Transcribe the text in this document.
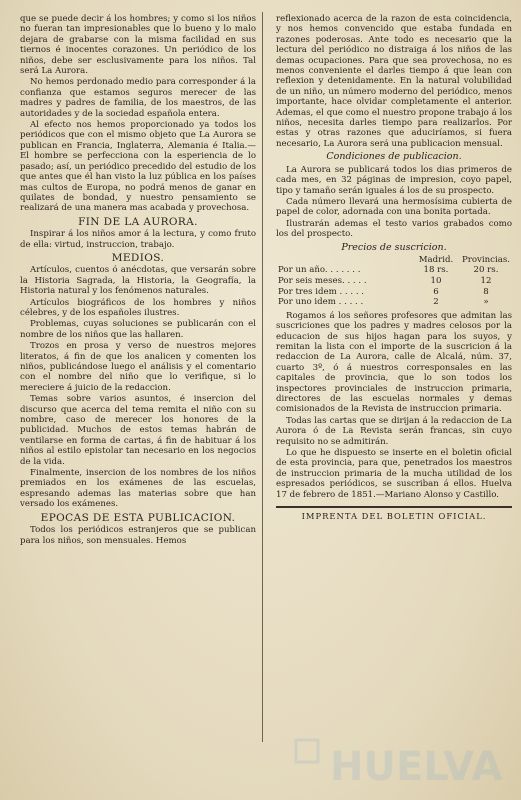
que se puede decir á los hombres; y como si los niños no fueran tan impresionables que lo bueno y lo malo dejara de grabarse con la misma facilidad en sus tiernos é inocentes corazones. Un periódico de los niños, debe ser esclusivamente para los niños. Tal será La Aurora.

No hemos perdonado medio para corresponder á la confianza que estamos seguros merecer de las madres y padres de familia, de los maestros, de las autoridades y de la sociedad española entera.

Al efecto nos hemos proporcionado ya todos los periódicos que con el mismo objeto que La Aurora se publican en Francia, Inglaterra, Alemania é Italia.—El hombre se perfecciona con la esperiencia de lo pasado; así, un periódico precedido del estudio de los que antes que él han visto la luz pública en los países mas cultos de Europa, no podrá menos de ganar en quilates de bondad, y nuestro pensamiento se realizará de una manera mas acabada y provechosa.

FIN DE LA AURORA.

Inspirar á los niños amor á la lectura, y como fruto de ella: virtud, instruccion, trabajo.

MEDIOS.

Artículos, cuentos ó anécdotas, que versarán sobre la Historia Sagrada, la Historia, la Geografía, la Historia natural y los fenómenos naturales.

Artículos biográficos de los hombres y niños célebres, y de los españoles ilustres.

Problemas, cuyas soluciones se publicarán con el nombre de los niños que las hallaren.

Trozos en prosa y verso de nuestros mejores literatos, á fin de que los analicen y comenten los niños, publicándose luego el análisis y el comentario con el nombre del niño que lo verifique, si lo mereciere á juicio de la redaccion.

Temas sobre varios asuntos, é insercion del discurso que acerca del tema remita el niño con su nombre, caso de merecer los honores de la publicidad. Muchos de estos temas habrán de ventilarse en forma de cartas, á fin de habituar á los niños al estilo epistolar tan necesario en los negocios de la vida.

Finalmente, insercion de los nombres de los niños premiados en los exámenes de las escuelas, espresando ademas las materias sobre que han versado los exámenes.

EPOCAS DE ESTA PUBLICACION.

Todos los periódicos estranjeros que se publican para los niños, son mensuales. Hemos

reflexionado acerca de la razon de esta coincidencia, y nos hemos convencido que estaba fundada en razones poderosas. Ante todo es necesario que la lectura del periódico no distraiga á los niños de las demas ocupaciones. Para que sea provechosa, no es menos conveniente el darles tiempo á que lean con reflexion y detenidamente. En la natural volubilidad de un niño, un número moderno del periódico, menos importante, hace olvidar completamente el anterior. Ademas, el que como el nuestro propone trabajo á los niños, necesita darles tiempo para realizarlos. Por estas y otras razones que aduciríamos, si fuera necesario, La Aurora será una publicacion mensual.

Condiciones de publicacion.

La Aurora se publicará todos los dias primeros de cada mes, en 32 páginas de impresion, coyo papel, tipo y tamaño serán iguales á los de su prospecto.

Cada número llevará una hermosísima cubierta de papel de color, adornada con una bonita portada.

Ilustrarán ademas el testo varios grabados como los del prospecto.

Precios de suscricion.
	Madrid.	Provincias.
Por un año. . . . . . .	18 rs.	20 rs.
Por seis meses. . . . .	10	12
Por tres idem . . . . .	6	8
Por uno idem . . . . .	2	»

Rogamos á los señores profesores que admitan las suscriciones que los padres y madres celosos por la educacion de sus hijos hagan para los suyos, y remitan la lista con el importe de la suscricion á la redaccion de La Aurora, calle de Alcalá, núm. 37, cuarto 3º, ó á nuestros corresponsales en las capitales de provincia, que lo son todos los inspectores provinciales de instruccion primaria, directores de las escuelas normales y demas comisionados de la Revista de instruccion primaria.

Todas las cartas que se dirijan á la redaccion de La Aurora ó de La Revista serán francas, sin cuyo requisito no se admitirán.

Lo que he dispuesto se inserte en el boletin oficial de esta provincia, para que, penetrados los maestros de instruccion primaria de la mucha utilidad de los espresados periódicos, se suscriban á ellos. Huelva 17 de febrero de 1851.—Mariano Alonso y Castillo.

IMPRENTA DEL BOLETIN OFICIAL.
HUELVA
